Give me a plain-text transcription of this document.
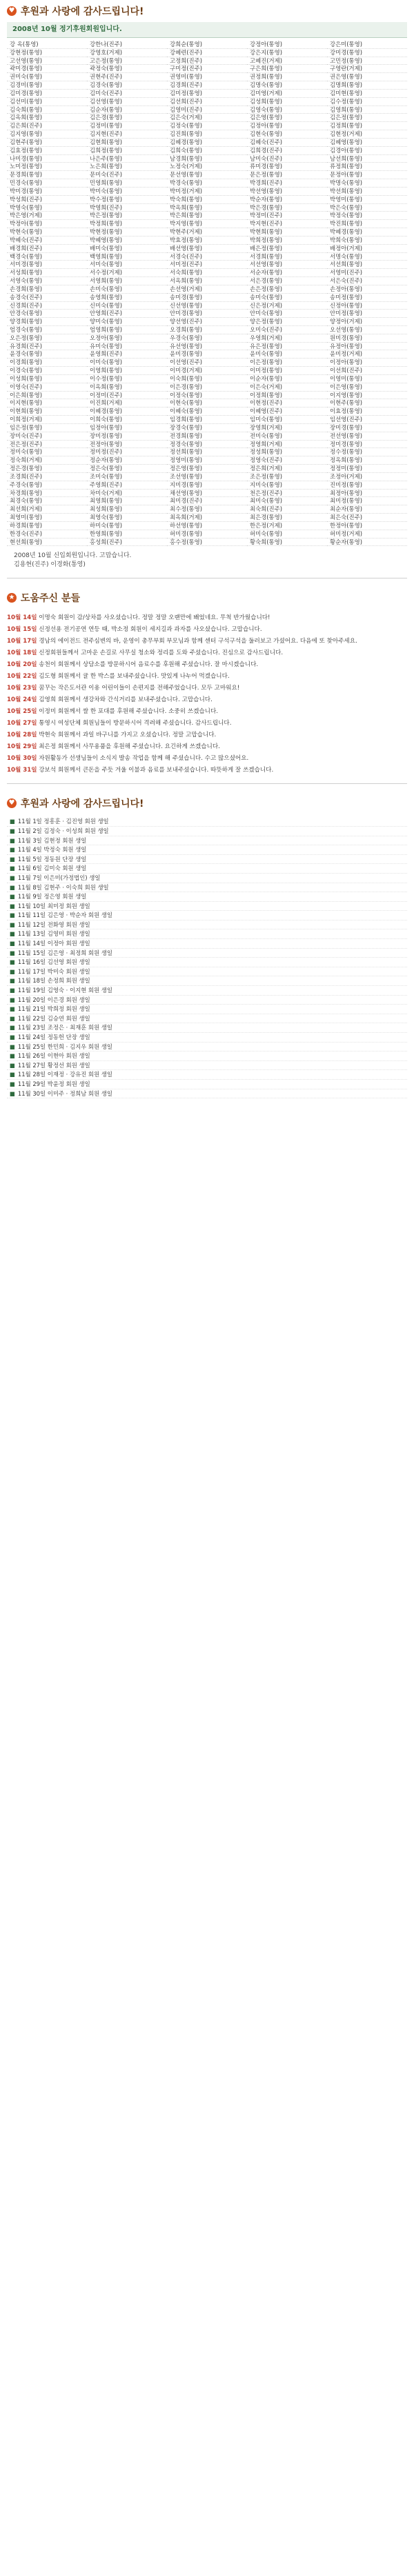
♥ 후원과 사랑에 감사드립니다!
2008년 10월 정기후원회원입니다.
강 옥(통영)	강한나(진주)	강희순(통영)	강정아(통영)	강은미(통영)
강현정(통영)	강영호(거제)	강혜련(진주)	강은지(통영)	강미경(통영)
고선영(통영)	고은정(통영)	고정희(진주)	고혜진(거제)	고민정(통영)
곽미경(통영)	곽정숙(통영)	구미정(진주)	구은희(통영)	구영란(거제)
권미숙(통영)	권현주(진주)	권영미(통영)	권정희(통영)	권은영(통영)
김경미(통영)	김경숙(통영)	김경희(진주)	김명숙(통영)	김명희(통영)
김미경(통영)	김미숙(진주)	김미정(통영)	김미영(거제)	김미현(통영)
김선미(통영)	김선영(통영)	김선희(진주)	김성희(통영)	김수정(통영)
김숙희(통영)	김순자(통영)	김영미(진주)	김영숙(통영)	김영희(통영)
김옥희(통영)	김은경(통영)	김은숙(거제)	김은영(통영)	김은정(통영)
김은희(진주)	김정미(통영)	김정숙(통영)	김정아(통영)	김정희(통영)
김지영(통영)	김지현(진주)	김진희(통영)	김현숙(통영)	김현정(거제)
김현주(통영)	김현희(통영)	김혜경(통영)	김혜숙(진주)	김혜영(통영)
김효정(통영)	김희정(통영)	김희숙(통영)	김희경(진주)	김경아(통영)
나미경(통영)	나은주(통영)	남경희(통영)	남미숙(진주)	남선희(통영)
노미정(통영)	노은희(통영)	노정숙(거제)	류미경(통영)	류정희(통영)
문경희(통영)	문미숙(진주)	문선영(통영)	문은정(통영)	문정아(통영)
민경숙(통영)	민영희(통영)	박경숙(통영)	박경희(진주)	박명숙(통영)
박미경(통영)	박미숙(통영)	박미정(거제)	박선영(통영)	박선희(통영)
박성희(진주)	박수정(통영)	박숙희(통영)	박순자(통영)	박영미(통영)
박영숙(통영)	박영희(진주)	박옥희(통영)	박은경(통영)	박은숙(통영)
박은영(거제)	박은정(통영)	박은희(통영)	박정미(진주)	박정숙(통영)
박정아(통영)	박정희(통영)	박지영(통영)	박지현(진주)	박진희(통영)
박현숙(통영)	박현정(통영)	박현주(거제)	박현희(통영)	박혜경(통영)
박혜숙(진주)	박혜영(통영)	박효정(통영)	박희정(통영)	박희숙(통영)
배경희(진주)	배미숙(통영)	배선영(통영)	배은정(통영)	배정아(거제)
백경숙(통영)	백영희(통영)	서경숙(진주)	서경희(통영)	서명숙(통영)
서미경(통영)	서미숙(통영)	서미정(진주)	서선영(통영)	서선희(통영)
서성희(통영)	서수정(거제)	서숙희(통영)	서순자(통영)	서영미(진주)
서영숙(통영)	서영희(통영)	서옥희(통영)	서은경(통영)	서은숙(진주)
손경희(통영)	손미숙(통영)	손선영(거제)	손은정(통영)	손정아(통영)
송경숙(진주)	송영희(통영)	송미경(통영)	송미숙(통영)	송미정(통영)
신경희(진주)	신미숙(통영)	신선영(통영)	신은정(거제)	신정아(통영)
안경숙(통영)	안영희(진주)	안미경(통영)	안미숙(통영)	안미정(통영)
양경희(통영)	양미숙(통영)	양선영(진주)	양은정(통영)	양정아(거제)
엄경숙(통영)	엄영희(통영)	오경희(통영)	오미숙(진주)	오선영(통영)
오은정(통영)	오정아(통영)	우경숙(통영)	우영희(거제)	원미경(통영)
유경희(진주)	유미숙(통영)	유선영(통영)	유은정(통영)	유정아(통영)
윤경숙(통영)	윤영희(진주)	윤미경(통영)	윤미숙(통영)	윤미정(거제)
이경희(통영)	이미숙(통영)	이선영(진주)	이은정(통영)	이정아(통영)
이경숙(통영)	이영희(통영)	이미경(거제)	이미정(통영)	이선희(진주)
이성희(통영)	이수정(통영)	이숙희(통영)	이순자(통영)	이영미(통영)
이영숙(진주)	이옥희(통영)	이은경(통영)	이은숙(거제)	이은영(통영)
이은희(통영)	이정미(진주)	이정숙(통영)	이정희(통영)	이지영(통영)
이지현(통영)	이진희(거제)	이현숙(통영)	이현정(진주)	이현주(통영)
이현희(통영)	이혜경(통영)	이혜숙(통영)	이혜영(진주)	이효정(통영)
이희정(거제)	이희숙(통영)	임경희(통영)	임미숙(통영)	임선영(진주)
임은정(통영)	임정아(통영)	장경숙(통영)	장영희(거제)	장미경(통영)
장미숙(진주)	장미정(통영)	전경희(통영)	전미숙(통영)	전선영(통영)
전은정(진주)	전정아(통영)	정경숙(통영)	정영희(거제)	정미경(통영)
정미숙(통영)	정미정(진주)	정선희(통영)	정성희(통영)	정수정(통영)
정숙희(거제)	정순자(통영)	정영미(통영)	정영숙(진주)	정옥희(통영)
정은경(통영)	정은숙(통영)	정은영(통영)	정은희(거제)	정정미(통영)
조경희(진주)	조미숙(통영)	조선영(통영)	조은정(통영)	조정아(거제)
주경숙(통영)	주영희(진주)	지미경(통영)	지미숙(통영)	진미정(통영)
차경희(통영)	차미숙(거제)	채선영(통영)	천은정(진주)	최정아(통영)
최경숙(통영)	최영희(통영)	최미경(진주)	최미숙(통영)	최미정(통영)
최선희(거제)	최성희(통영)	최수정(통영)	최숙희(진주)	최순자(통영)
최영미(통영)	최영숙(통영)	최옥희(거제)	최은경(통영)	최은숙(진주)
하경희(통영)	하미숙(통영)	하선영(통영)	한은정(거제)	한정아(통영)
한경숙(진주)	한영희(통영)	허미경(통영)	허미숙(통영)	허미정(거제)
현선희(통영)	홍성희(진주)	홍수정(통영)	황숙희(통영)	황순자(통영)
2008년 10월 신입회원입니다. 고맙습니다.
김용현(진주) 이경화(통영)
★ 도움주신 분들
10월 14일 이명숙 회원이 감/상차를 사오셨습니다. 정말 정말 오랜만에 봬었네요. 무척 반가웠습니다!
10월 15일 신정선용 전기공연 연등 때, 박소정 회원이 세지길과 과자를 사오셨습니다. 고맙습니다.
10월 17일 경남의 에이전드 전주심변의 바, 운영이 총무부회 부모님과 함께 센터 구석구석을 둘러보고 가셨어요. 다음에 또 찾아주세요.
10월 18일 신정회원들께서 고마운 손길로 사무실 청소와 정리를 도와 주셨습니다. 진심으로 감사드립니다.
10월 20일 송천이 회원께서 상담소를 방문하시어 음료수를 후원해 주셨습니다. 잘 마시겠습니다.
10월 22일 김도형 회원께서 귤 한 박스를 보내주셨습니다. 맛있게 나누어 먹겠습니다.
10월 23일 꿈꾸는 작은도서관 이용 어린이들이 손편지를 전해주었습니다. 모두 고마워요!
10월 24일 김영희 회원께서 생강차와 간식거리를 보내주셨습니다. 고맙습니다.
10월 25일 이정미 회원께서 쌀 한 포대를 후원해 주셨습니다. 소중히 쓰겠습니다.
10월 27일 통영시 여성단체 회원님들이 방문하시어 격려해 주셨습니다. 감사드립니다.
10월 28일 박현숙 회원께서 과일 바구니를 가지고 오셨습니다. 정말 고맙습니다.
10월 29일 최은정 회원께서 사무용품을 후원해 주셨습니다. 요긴하게 쓰겠습니다.
10월 30일 자원활동가 선생님들이 소식지 발송 작업을 함께 해 주셨습니다. 수고 많으셨어요.
10월 31일 강보석 회원께서 큰돈을 주듯 겨울 이불과 음료를 보내주셨습니다. 따뜻하게 잘 쓰겠습니다.
♥ 후원과 사랑에 감사드립니다!
■ 11월 1일 정흥훈 · 김진영 회원 생일
■ 11월 2일 김정숙 · 이성희 회원 생일
■ 11월 3일 김현정 회원 생일
■ 11월 4일 박정숙 회원 생일
■ 11월 5일 정동원 단장 생일
■ 11월 6일 김미숙 회원 생일
■ 11월 7일 이은미(가정법인) 생일
■ 11월 8일 김현주 · 이숙희 회원 생일
■ 11월 9일 정은영 회원 생일
■ 11월 10일 최미정 회원 생일
■ 11월 11일 김은영 · 박순자 회원 생일
■ 11월 12일 전화영 회원 생일
■ 11월 13일 김영미 회원 생일
■ 11월 14일 이정아 회원 생일
■ 11월 15일 김은영 · 최정희 회원 생일
■ 11월 16일 김선영 회원 생일
■ 11월 17일 박미숙 회원 생일
■ 11월 18일 손정희 회원 생일
■ 11월 19일 김영숙 · 이지현 회원 생일
■ 11월 20일 이은경 회원 생일
■ 11월 21일 박희정 회원 생일
■ 11월 22일 김승연 회원 생일
■ 11월 23일 조정은 · 최재훈 회원 생일
■ 11월 24일 정동헌 단장 생일
■ 11월 25일 한민희 · 김지우 회원 생일
■ 11월 26일 이현아 회원 생일
■ 11월 27일 황정선 회원 생일
■ 11월 28일 이재정 · 강유진 회원 생일
■ 11월 29일 박윤정 회원 생일
■ 11월 30일 이미주 · 정희남 회원 생일
